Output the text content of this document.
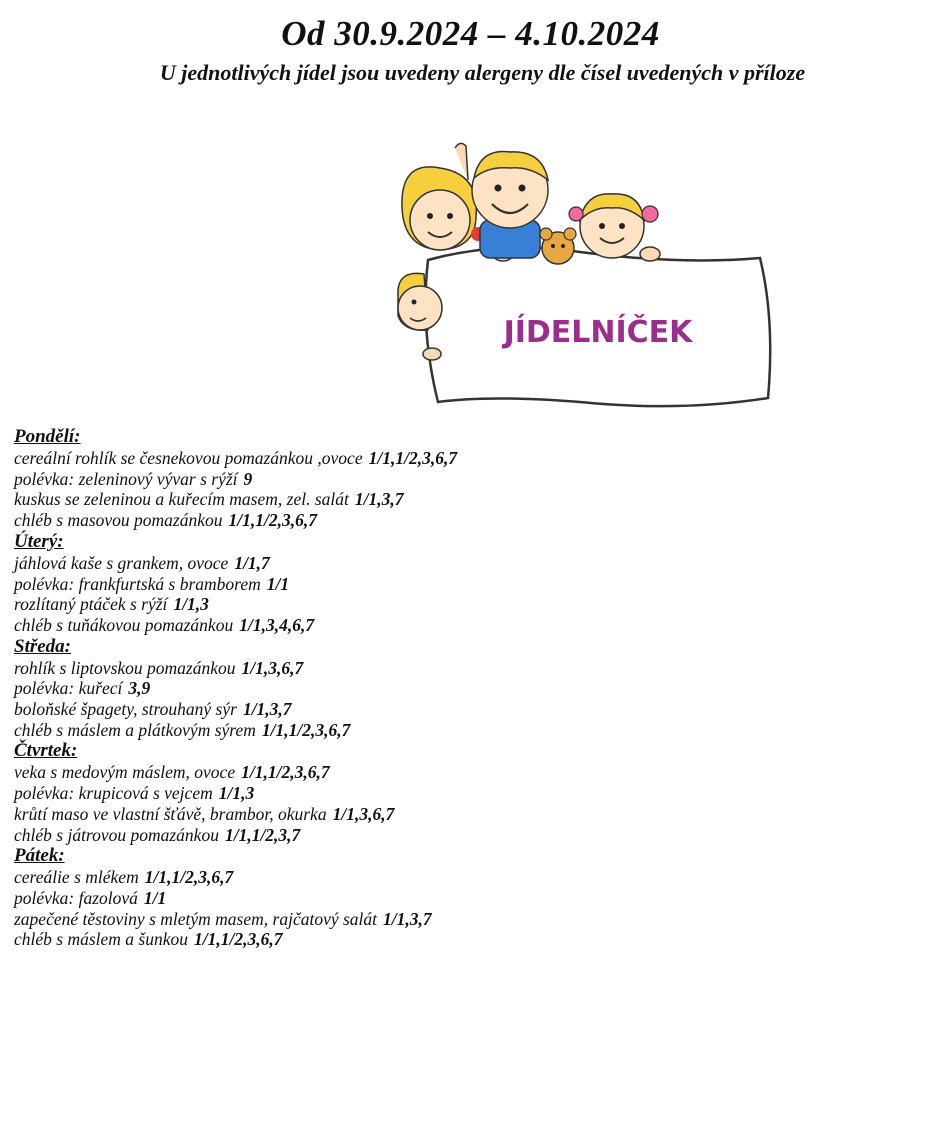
Od 30.9.2024 – 4.10.2024
U jednotlivých jídel jsou uvedeny alergeny dle čísel uvedených v příloze
JÍDELNÍČEK
Pondělí:
cereální rohlík se česnekovou pomazánkou ,ovoce 1/1,1/2,3,6,7
polévka: zeleninový vývar s rýží 9
kuskus se zeleninou a kuřecím masem, zel. salát 1/1,3,7
chléb s masovou pomazánkou 1/1,1/2,3,6,7
Úterý:
jáhlová kaše s grankem, ovoce 1/1,7
polévka: frankfurtská s bramborem 1/1
rozlítaný ptáček s rýží 1/1,3
chléb s tuňákovou pomazánkou 1/1,3,4,6,7
Středa:
rohlík s liptovskou pomazánkou 1/1,3,6,7
polévka: kuřecí 3,9
boloňské špagety, strouhaný sýr 1/1,3,7
chléb s máslem a plátkovým sýrem 1/1,1/2,3,6,7
Čtvrtek:
veka s medovým máslem, ovoce 1/1,1/2,3,6,7
polévka: krupicová s vejcem 1/1,3
krůtí maso ve vlastní šťávě, brambor, okurka 1/1,3,6,7
chléb s játrovou pomazánkou 1/1,1/2,3,7
Pátek:
cereálie s mlékem 1/1,1/2,3,6,7
polévka: fazolová 1/1
zapečené těstoviny s mletým masem, rajčatový salát 1/1,3,7
chléb s máslem a šunkou 1/1,1/2,3,6,7
